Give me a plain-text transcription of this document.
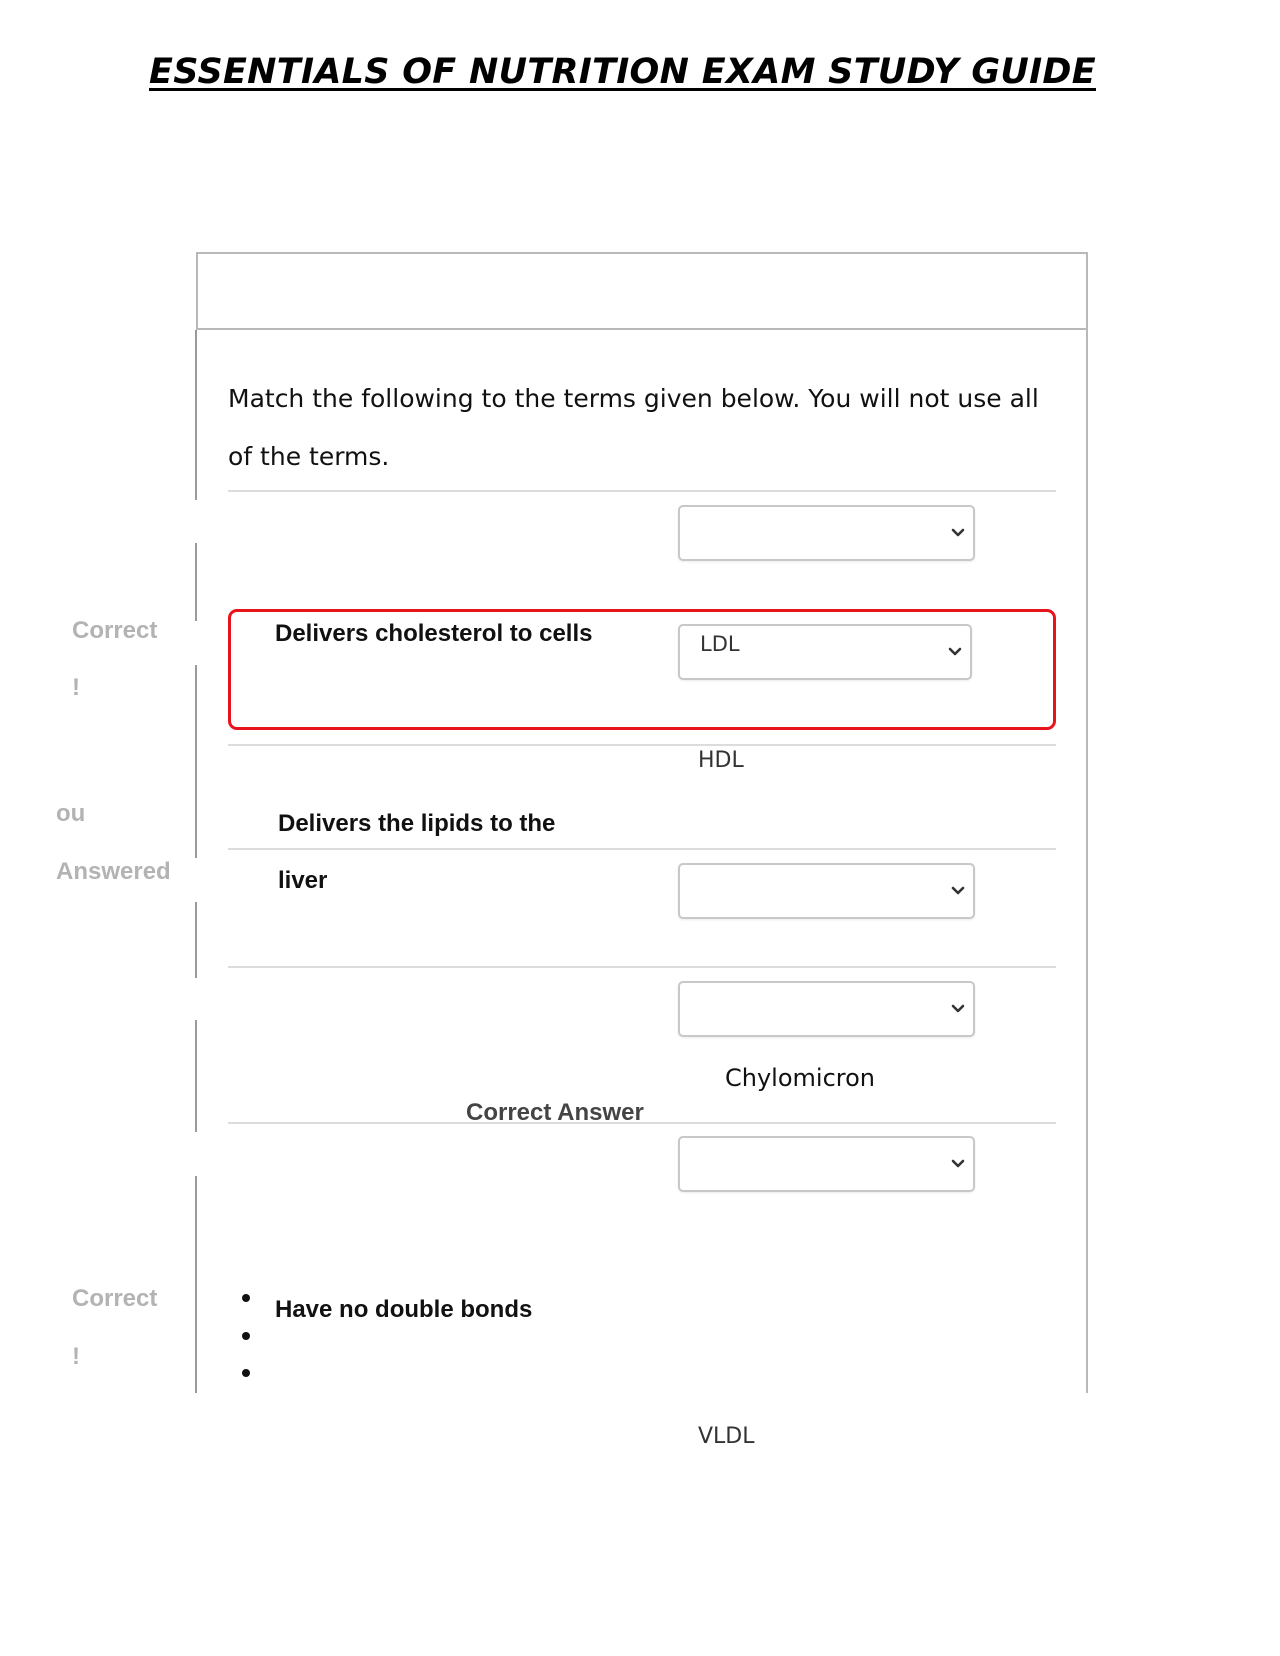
ESSENTIALS OF NUTRITION EXAM STUDY GUIDE

Match the following to the terms given below. You will not use all of the terms.

Delivers cholesterol to cells	LDL
HDL

Delivers the lipids to the liver

Chylomicron
Correct Answer
Have no double bonds
VLDL
Correct
!
ou
Answered
Correct
!
